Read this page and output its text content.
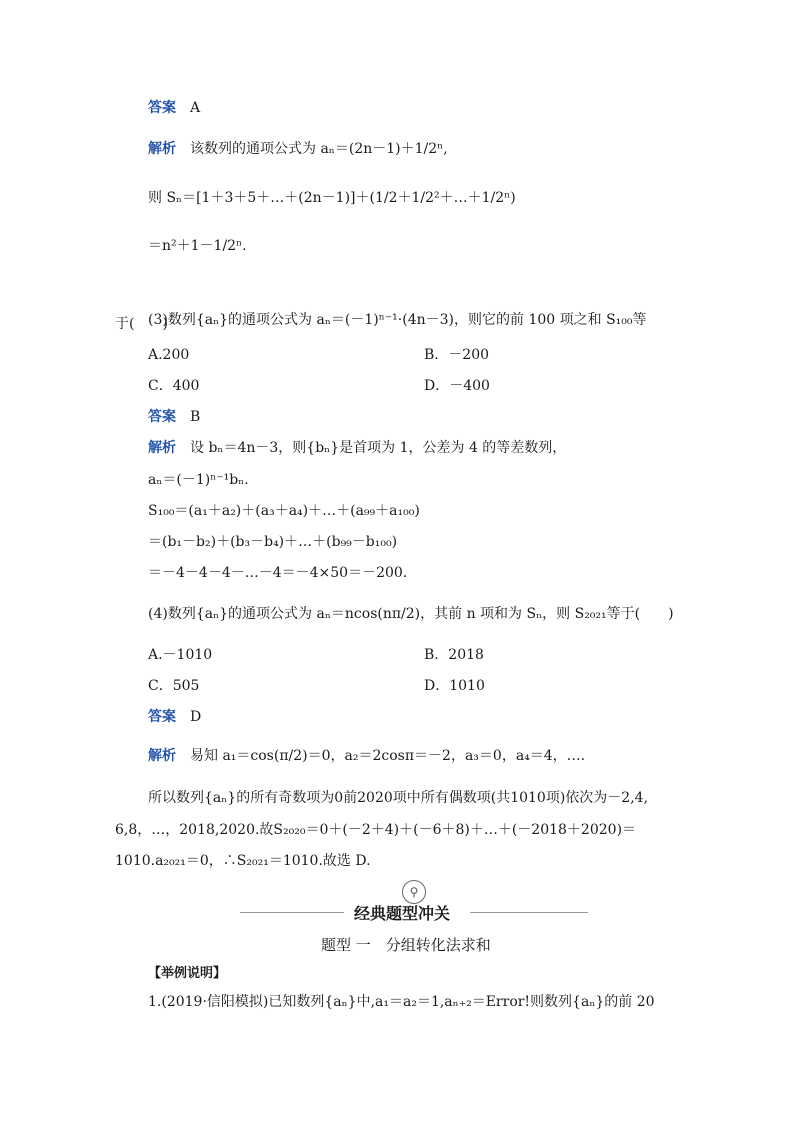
答案　 A
解析　 该数列的通项公式为 aₙ＝(2n－1)＋1/2ⁿ,
则 Sₙ＝[1＋3＋5＋…＋(2n－1)]＋(1/2＋1/2²＋…＋1/2ⁿ)
＝n²＋1－1/2ⁿ.
(3)数列{aₙ}的通项公式为 aₙ＝(－1)ⁿ⁻¹·(4n－3)，则它的前 100 项之和 S₁₀₀等
于(　　)
A.200	B．－200
C．400	D．－400
答案　 B
解析　 设 bₙ＝4n－3，则{bₙ}是首项为 1，公差为 4 的等差数列，
aₙ＝(－1)ⁿ⁻¹bₙ.
S₁₀₀＝(a₁＋a₂)＋(a₃＋a₄)＋…＋(a₉₉＋a₁₀₀)
＝(b₁－b₂)＋(b₃－b₄)＋…＋(b₉₉－b₁₀₀)
＝－4－4－4－…－4＝－4×50＝－200.
(4)数列{aₙ}的通项公式为 aₙ＝ncos(nπ/2)，其前 n 项和为 Sₙ，则 S₂₀₂₁等于(　　)
A.－1010	B．2018
C．505	D．1010
答案　 D
解析　 易知 a₁＝cos(π/2)＝0，a₂＝2cosπ＝－2，a₃＝0，a₄＝4，….
所以数列{aₙ}的所有奇数项为0前2020项中所有偶数项(共1010项)依次为－2,4,
6,8，…，2018,2020.故S₂₀₂₀＝0＋(－2＋4)＋(－6＋8)＋…＋(－2018＋2020)＝
1010.a₂₀₂₁＝0，∴S₂₀₂₁＝1010.故选 D.
⚲
经典题型冲关
题型 一　分组转化法求和
【举例说明】
1.(2019·信阳模拟)已知数列{aₙ}中,a₁＝a₂＝1,aₙ₊₂＝Error!则数列{aₙ}的前 20
